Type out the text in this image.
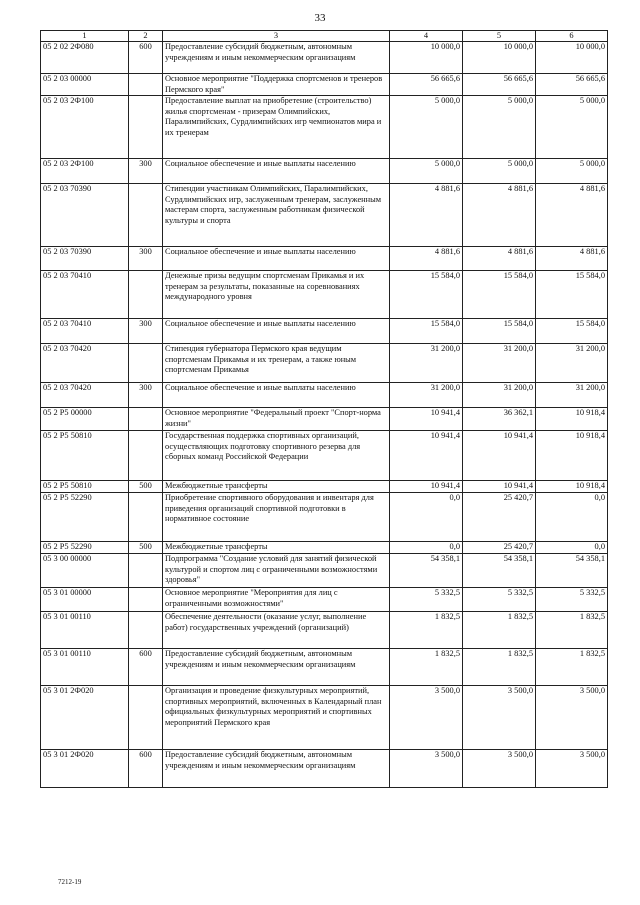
33
1	2	3	4	5	6
05 2 02 2Ф080	600	Предоставление субсидий бюджетным, автономным учреждениям и иным некоммерческим организациям	10 000,0	10 000,0	10 000,0
05 2 03 00000		Основное мероприятие "Поддержка спортсменов и тренеров Пермского края"	56 665,6	56 665,6	56 665,6
05 2 03 2Ф100		Предоставление выплат на приобретение (строительство) жилья спортсменам - призерам Олимпийских, Паралимпийских, Сурдлимпийских игр чемпионатов мира и их тренерам	5 000,0	5 000,0	5 000,0
05 2 03 2Ф100	300	Социальное обеспечение и иные выплаты населению	5 000,0	5 000,0	5 000,0
05 2 03 70390		Стипендии участникам Олимпийских, Паралимпийских, Сурдлимпийских игр, заслуженным тренерам, заслуженным мастерам спорта, заслуженным работникам физической культуры и спорта	4 881,6	4 881,6	4 881,6
05 2 03 70390	300	Социальное обеспечение и иные выплаты населению	4 881,6	4 881,6	4 881,6
05 2 03 70410		Денежные призы ведущим спортсменам Прикамья и их тренерам за результаты, показанные на соревнованиях международного уровня	15 584,0	15 584,0	15 584,0
05 2 03 70410	300	Социальное обеспечение и иные выплаты населению	15 584,0	15 584,0	15 584,0
05 2 03 70420		Стипендия губернатора Пермского края ведущим спортсменам Прикамья и их тренерам, а также юным спортсменам Прикамья	31 200,0	31 200,0	31 200,0
05 2 03 70420	300	Социальное обеспечение и иные выплаты населению	31 200,0	31 200,0	31 200,0
05 2 Р5 00000		Основное мероприятие "Федеральный проект "Спорт-норма жизни"	10 941,4	36 362,1	10 918,4
05 2 Р5 50810		Государственная поддержка спортивных организаций, осуществляющих подготовку спортивного резерва для сборных команд Российской Федерации	10 941,4	10 941,4	10 918,4
05 2 Р5 50810	500	Межбюджетные трансферты	10 941,4	10 941,4	10 918,4
05 2 Р5 52290		Приобретение спортивного оборудования и инвентаря для приведения организаций спортивной подготовки в нормативное состояние	0,0	25 420,7	0,0
05 2 Р5 52290	500	Межбюджетные трансферты	0,0	25 420,7	0,0
05 3 00 00000		Подпрограмма "Создание условий для занятий физической культурой и спортом лиц с ограниченными возможностями здоровья"	54 358,1	54 358,1	54 358,1
05 3 01 00000		Основное мероприятие "Мероприятия для лиц с ограниченными возможностями"	5 332,5	5 332,5	5 332,5
05 3 01 00110		Обеспечение деятельности (оказание услуг, выполнение работ) государственных учреждений (организаций)	1 832,5	1 832,5	1 832,5
05 3 01 00110	600	Предоставление субсидий бюджетным, автономным учреждениям и иным некоммерческим организациям	1 832,5	1 832,5	1 832,5
05 3 01 2Ф020		Организация и проведение физкультурных мероприятий, спортивных мероприятий, включенных в Календарный план официальных физкультурных мероприятий и спортивных мероприятий Пермского края	3 500,0	3 500,0	3 500,0
05 3 01 2Ф020	600	Предоставление субсидий бюджетным, автономным учреждениям и иным некоммерческим организациям	3 500,0	3 500,0	3 500,0
7212-19
